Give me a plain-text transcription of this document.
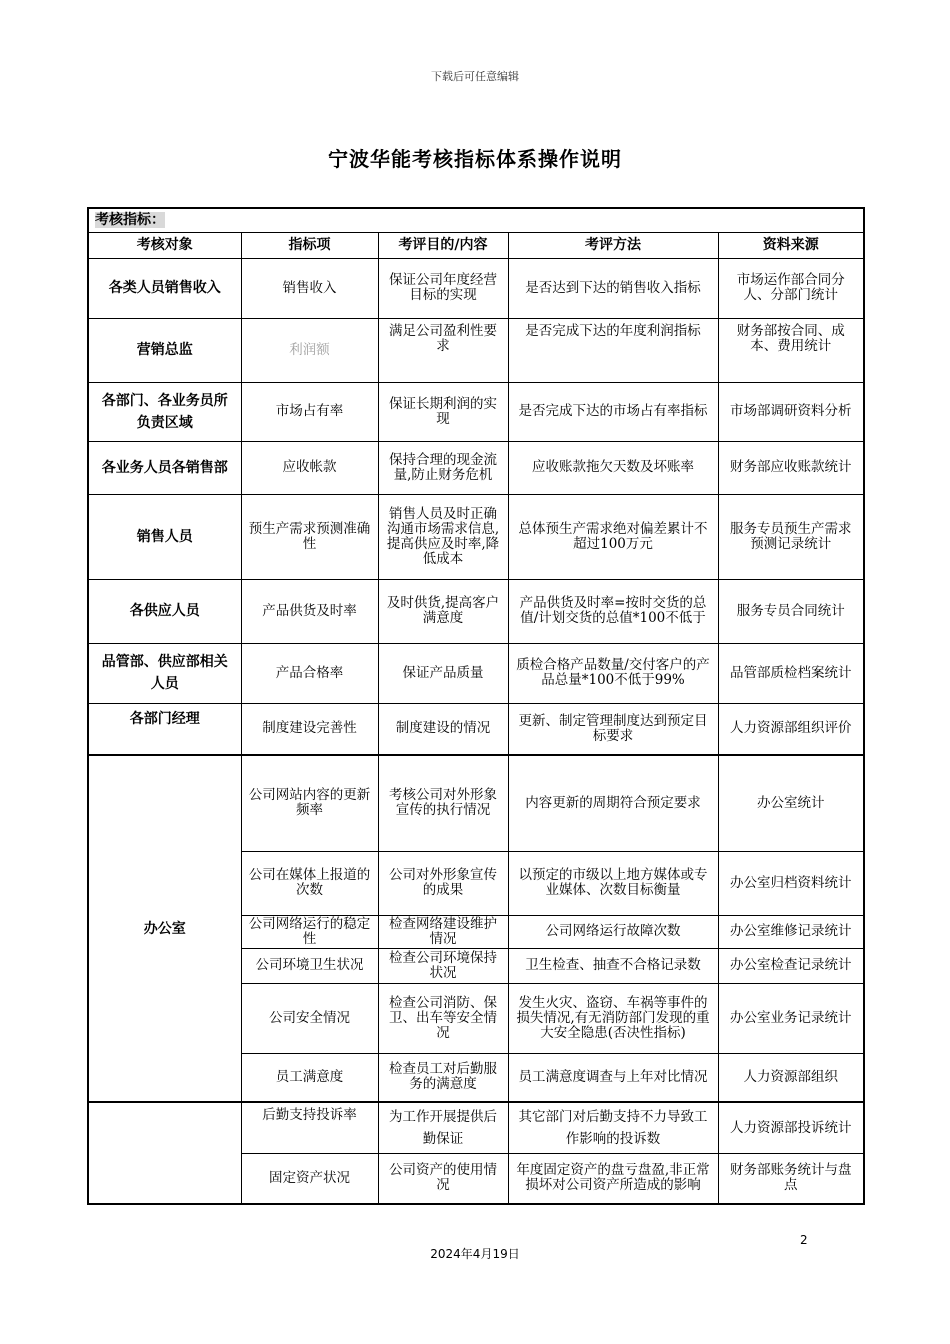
下载后可任意编辑
宁波华能考核指标体系操作说明
考核指标：				
考核对象	指标项	考评目的/内容	考评方法	资料来源
各类人员销售收入	销售收入	保证公司年度经营目标的实现	是否达到下达的销售收入指标	市场运作部合同分人、分部门统计
营销总监	利润额	满足公司盈利性要求	是否完成下达的年度利润指标	财务部按合同、成本、费用统计
各部门、各业务员所负责区域	市场占有率	保证长期利润的实现	是否完成下达的市场占有率指标	市场部调研资料分析
各业务人员各销售部	应收帐款	保持合理的现金流量,防止财务危机	应收账款拖欠天数及坏账率	财务部应收账款统计
销售人员	预生产需求预测准确性	销售人员及时正确沟通市场需求信息,提高供应及时率,降低成本	总体预生产需求绝对偏差累计不超过100万元	服务专员预生产需求预测记录统计
各供应人员	产品供货及时率	及时供货,提高客户满意度	产品供货及时率=按时交货的总值/计划交货的总值*100不低于	服务专员合同统计
品管部、供应部相关人员	产品合格率	保证产品质量	质检合格产品数量/交付客户的产品总量*100不低于99%	品管部质检档案统计
各部门经理	制度建设完善性	制度建设的情况	更新、制定管理制度达到预定目标要求	人力资源部组织评价
办公室	公司网站内容的更新频率	考核公司对外形象宣传的执行情况	内容更新的周期符合预定要求	办公室统计
	公司在媒体上报道的次数	公司对外形象宣传的成果	以预定的市级以上地方媒体或专业媒体、次数目标衡量	办公室归档资料统计
	公司网络运行的稳定性	检查网络建设维护情况	公司网络运行故障次数	办公室维修记录统计
	公司环境卫生状况	检查公司环境保持状况	卫生检查、抽查不合格记录数	办公室检查记录统计
	公司安全情况	检查公司消防、保卫、出车等安全情况	发生火灾、盗窃、车祸等事件的损失情况,有无消防部门发现的重大安全隐患(否决性指标)	办公室业务记录统计
	员工满意度	检查员工对后勤服务的满意度	员工满意度调查与上年对比情况	人力资源部组织
	后勤支持投诉率	为工作开展提供后勤保证	其它部门对后勤支持不力导致工作影响的投诉数	人力资源部投诉统计
	固定资产状况	公司资产的使用情况	年度固定资产的盘亏盘盈,非正常损坏对公司资产所造成的影响	财务部账务统计与盘点
2
2024年4月19日
